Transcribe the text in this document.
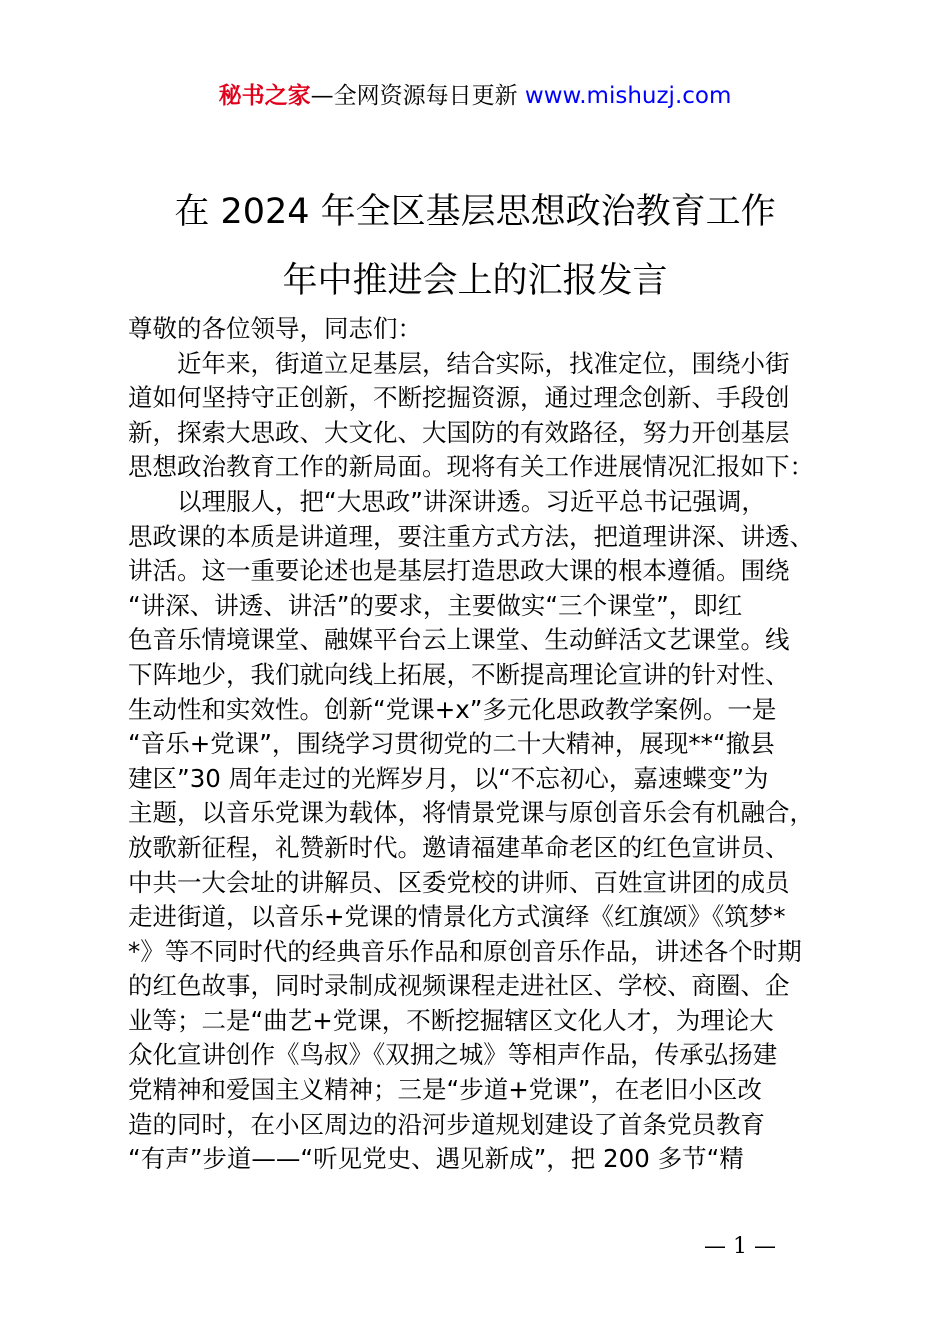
秘书之家—全网资源每日更新 www.mishuzj.com
在 2024 年全区基层思想政治教育工作
年中推进会上的汇报发言
尊敬的各位领导，同志们：
　　近年来，街道立足基层，结合实际，找准定位，围绕小街
道如何坚持守正创新，不断挖掘资源，通过理念创新、手段创
新，探索大思政、大文化、大国防的有效路径，努力开创基层
思想政治教育工作的新局面。现将有关工作进展情况汇报如下：
　　以理服人，把“大思政”讲深讲透。习近平总书记强调，
思政课的本质是讲道理，要注重方式方法，把道理讲深、讲透、
讲活。这一重要论述也是基层打造思政大课的根本遵循。围绕
“讲深、讲透、讲活”的要求，主要做实“三个课堂”，即红
色音乐情境课堂、融媒平台云上课堂、生动鲜活文艺课堂。线
下阵地少，我们就向线上拓展，不断提高理论宣讲的针对性、
生动性和实效性。创新“党课+x”多元化思政教学案例。一是
“音乐+党课”，围绕学习贯彻党的二十大精神，展现**“撤县
建区”30 周年走过的光辉岁月，以“不忘初心，嘉速蝶变”为
主题，以音乐党课为载体，将情景党课与原创音乐会有机融合，
放歌新征程，礼赞新时代。邀请福建革命老区的红色宣讲员、
中共一大会址的讲解员、区委党校的讲师、百姓宣讲团的成员
走进街道，以音乐+党课的情景化方式演绎《红旗颂》《筑梦*
*》等不同时代的经典音乐作品和原创音乐作品，讲述各个时期
的红色故事，同时录制成视频课程走进社区、学校、商圈、企
业等；二是“曲艺+党课，不断挖掘辖区文化人才，为理论大
众化宣讲创作《鸟叔》《双拥之城》等相声作品，传承弘扬建
党精神和爱国主义精神；三是“步道+党课”，在老旧小区改
造的同时，在小区周边的沿河步道规划建设了首条党员教育
“有声”步道——“听见党史、遇见新成”，把 200 多节“精
— 1 —
